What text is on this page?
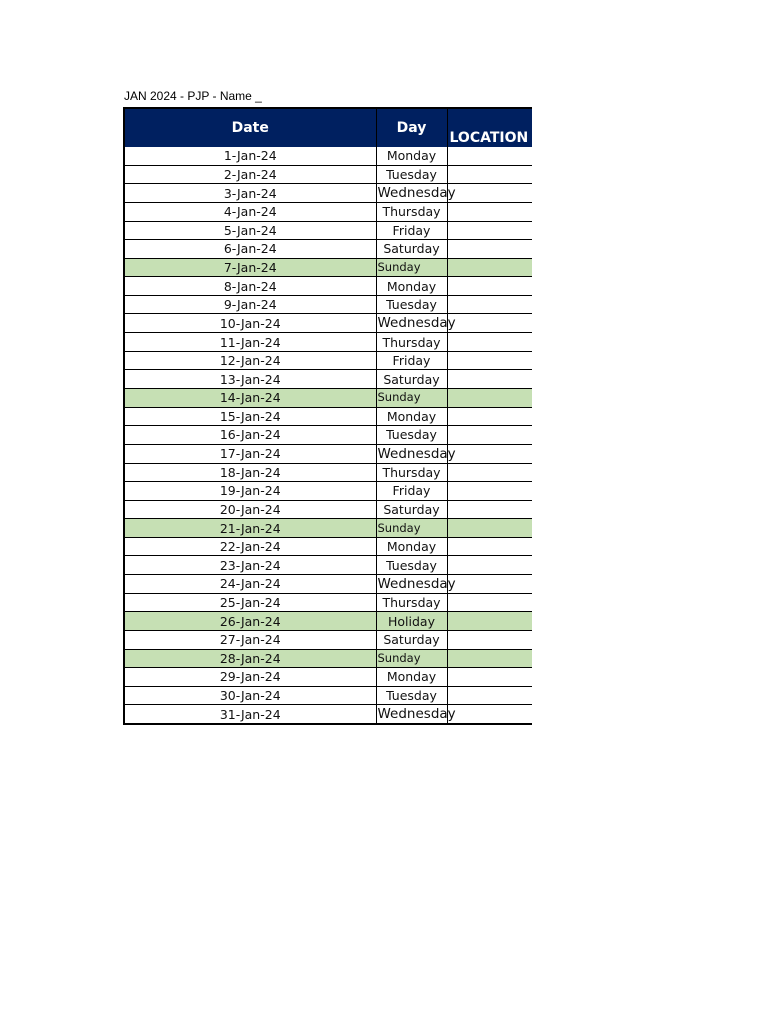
JAN 2024 - PJP - Name _
Date	Day	LOCATION
1-Jan-24	Monday	
2-Jan-24	Tuesday	
3-Jan-24	Wednesday	
4-Jan-24	Thursday	
5-Jan-24	Friday	
6-Jan-24	Saturday	
7-Jan-24	Sunday	
8-Jan-24	Monday	
9-Jan-24	Tuesday	
10-Jan-24	Wednesday	
11-Jan-24	Thursday	
12-Jan-24	Friday	
13-Jan-24	Saturday	
14-Jan-24	Sunday	
15-Jan-24	Monday	
16-Jan-24	Tuesday	
17-Jan-24	Wednesday	
18-Jan-24	Thursday	
19-Jan-24	Friday	
20-Jan-24	Saturday	
21-Jan-24	Sunday	
22-Jan-24	Monday	
23-Jan-24	Tuesday	
24-Jan-24	Wednesday	
25-Jan-24	Thursday	
26-Jan-24	Holiday	
27-Jan-24	Saturday	
28-Jan-24	Sunday	
29-Jan-24	Monday	
30-Jan-24	Tuesday	
31-Jan-24	Wednesday	
